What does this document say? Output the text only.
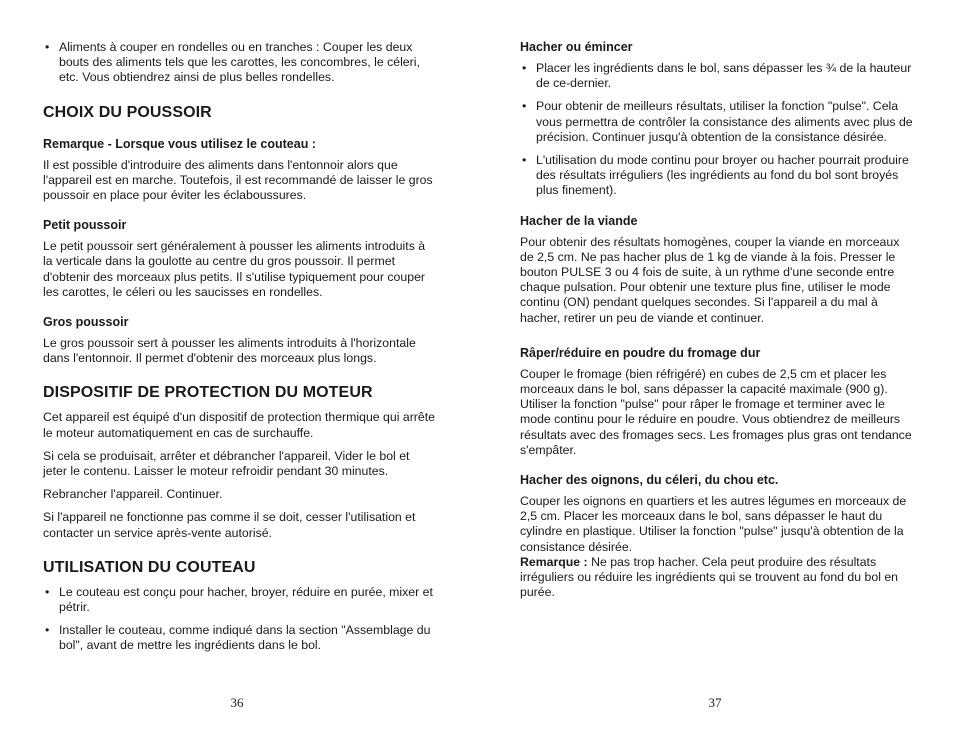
• Aliments à couper en rondelles ou en tranches : Couper les deux bouts des aliments tels que les carottes, les concombres, le céleri, etc. Vous obtiendrez ainsi de plus belles rondelles.
CHOIX DU POUSSOIR
Remarque - Lorsque vous utilisez le couteau :

Il est possible d'introduire des aliments dans l'entonnoir alors que l'appareil est en marche. Toutefois, il est recommandé de laisser le gros poussoir en place pour éviter les éclaboussures.

Petit poussoir

Le petit poussoir sert généralement à pousser les aliments introduits à la verticale dans la goulotte au centre du gros poussoir. Il permet d'obtenir des morceaux plus petits. Il s'utilise typiquement pour couper les carottes, le céleri ou les saucisses en rondelles.

Gros poussoir

Le gros poussoir sert à pousser les aliments introduits à l'horizontale dans l'entonnoir. Il permet d'obtenir des morceaux plus longs.

DISPOSITIF DE PROTECTION DU MOTEUR

Cet appareil est équipé d'un dispositif de protection thermique qui arrête le moteur automatiquement en cas de surchauffe.

Si cela se produisait, arrêter et débrancher l'appareil. Vider le bol et jeter le contenu. Laisser le moteur refroidir pendant 30 minutes.

Rebrancher l'appareil. Continuer.

Si l'appareil ne fonctionne pas comme il se doit, cesser l'utilisation et contacter un service après-vente autorisé.

UTILISATION DU COUTEAU
• Le couteau est conçu pour hacher, broyer, réduire en purée, mixer et pétrir.
• Installer le couteau, comme indiqué dans la section "Assemblage du bol", avant de mettre les ingrédients dans le bol.
36
Hacher ou émincer
• Placer les ingrédients dans le bol, sans dépasser les ¾ de la hauteur de ce-dernier.
• Pour obtenir de meilleurs résultats, utiliser la fonction "pulse". Cela vous permettra de contrôler la consistance des aliments avec plus de précision. Continuer jusqu'à obtention de la consistance désirée.
• L'utilisation du mode continu pour broyer ou hacher pourrait produire des résultats irréguliers (les ingrédients au fond du bol sont broyés plus finement).
Hacher de la viande

Pour obtenir des résultats homogènes, couper la viande en morceaux de 2,5 cm. Ne pas hacher plus de 1 kg de viande à la fois. Presser le bouton PULSE 3 ou 4 fois de suite, à un rythme d'une seconde entre chaque pulsation. Pour obtenir une texture plus fine, utiliser le mode continu (ON) pendant quelques secondes. Si l'appareil a du mal à hacher, retirer un peu de viande et continuer.

Râper/réduire en poudre du fromage dur

Couper le fromage (bien réfrigéré) en cubes de 2,5 cm et placer les morceaux dans le bol, sans dépasser la capacité maximale (900 g). Utiliser la fonction "pulse" pour râper le fromage et terminer avec le mode continu pour le réduire en poudre. Vous obtiendrez de meilleurs résultats avec des fromages secs. Les fromages plus gras ont tendance s'empâter.

Hacher des oignons, du céleri, du chou etc.

Couper les oignons en quartiers et les autres légumes en morceaux de 2,5 cm. Placer les morceaux dans le bol, sans dépasser le haut du cylindre en plastique. Utiliser la fonction "pulse" jusqu'à obtention de la consistance désirée.
Remarque : Ne pas trop hacher. Cela peut produire des résultats irréguliers ou réduire les ingrédients qui se trouvent au fond du bol en purée.

37
